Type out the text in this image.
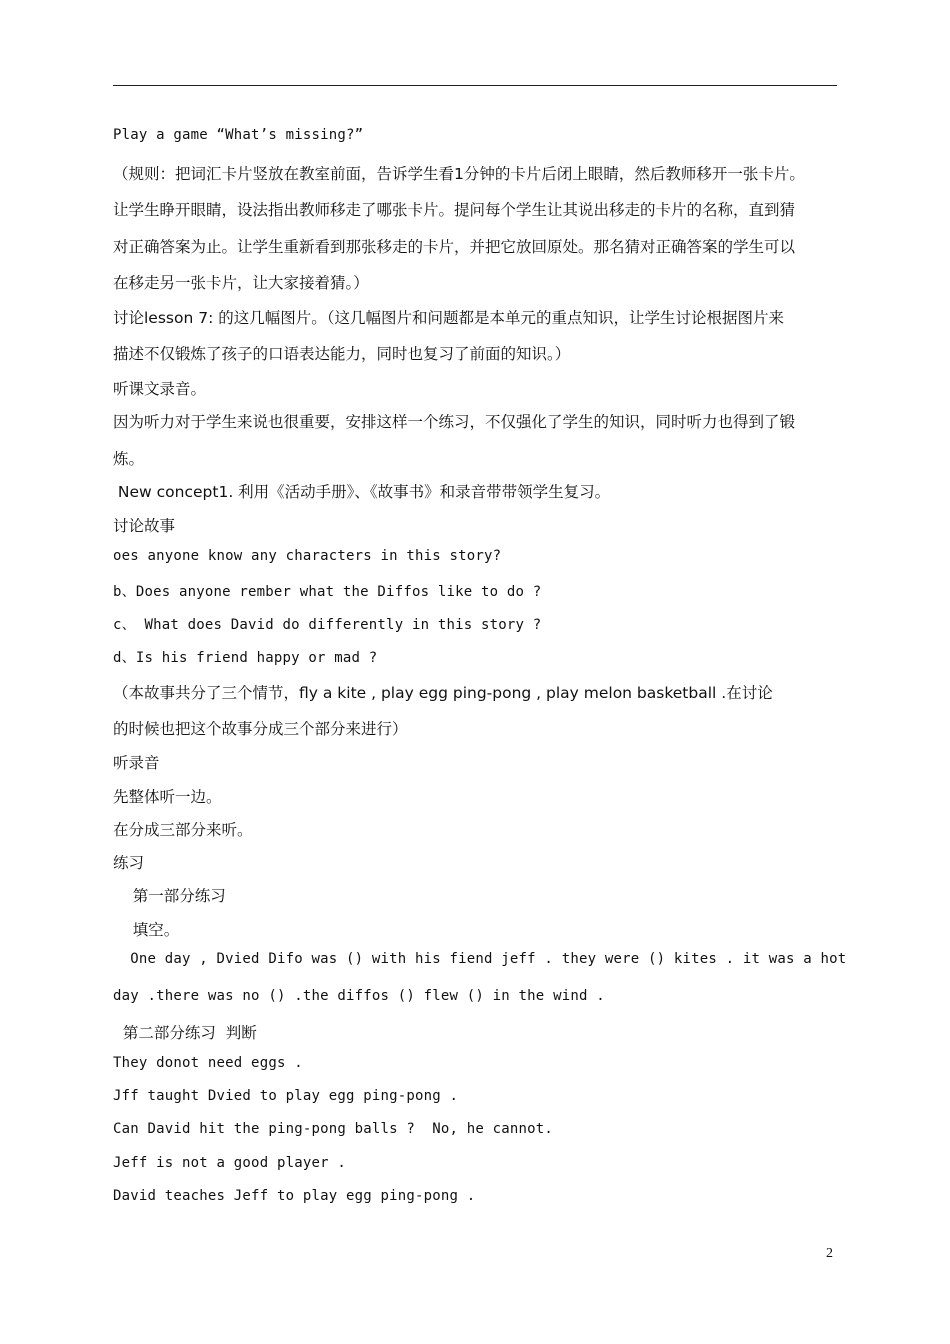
Play a game “What’s missing?”
（规则：把词汇卡片竖放在教室前面，告诉学生看1分钟的卡片后闭上眼睛，然后教师移开一张卡片。
让学生睁开眼睛，设法指出教师移走了哪张卡片。提问每个学生让其说出移走的卡片的名称，直到猜
对正确答案为止。让学生重新看到那张移走的卡片，并把它放回原处。那名猜对正确答案的学生可以
在移走另一张卡片，让大家接着猜。）
讨论lesson 7: 的这几幅图片。（这几幅图片和问题都是本单元的重点知识，让学生讨论根据图片来
描述不仅锻炼了孩子的口语表达能力，同时也复习了前面的知识。）
听课文录音。
因为听力对于学生来说也很重要，安排这样一个练习，不仅强化了学生的知识，同时听力也得到了锻
炼。
New concept1. 利用《活动手册》、《故事书》和录音带带领学生复习。
讨论故事
oes anyone know any characters in this story?
b、Does anyone rember what the Diffos like to do ?
c、 What does David do differently in this story ?
d、Is his friend happy or mad ?
（本故事共分了三个情节，fly a kite , play egg ping-pong , play melon basketball .在讨论
的时候也把这个故事分成三个部分来进行）
听录音
先整体听一边。
在分成三部分来听。
练习
第一部分练习
填空。
One day , Dvied Difo was () with his fiend jeff . they were () kites . it was a hot
day .there was no () .the diffos () flew () in the wind .
第二部分练习  判断
They donot need eggs .
Jff taught Dvied to play egg ping-pong .
Can David hit the ping-pong balls ?  No, he cannot.
Jeff is not a good player .
David teaches Jeff to play egg ping-pong .
2
